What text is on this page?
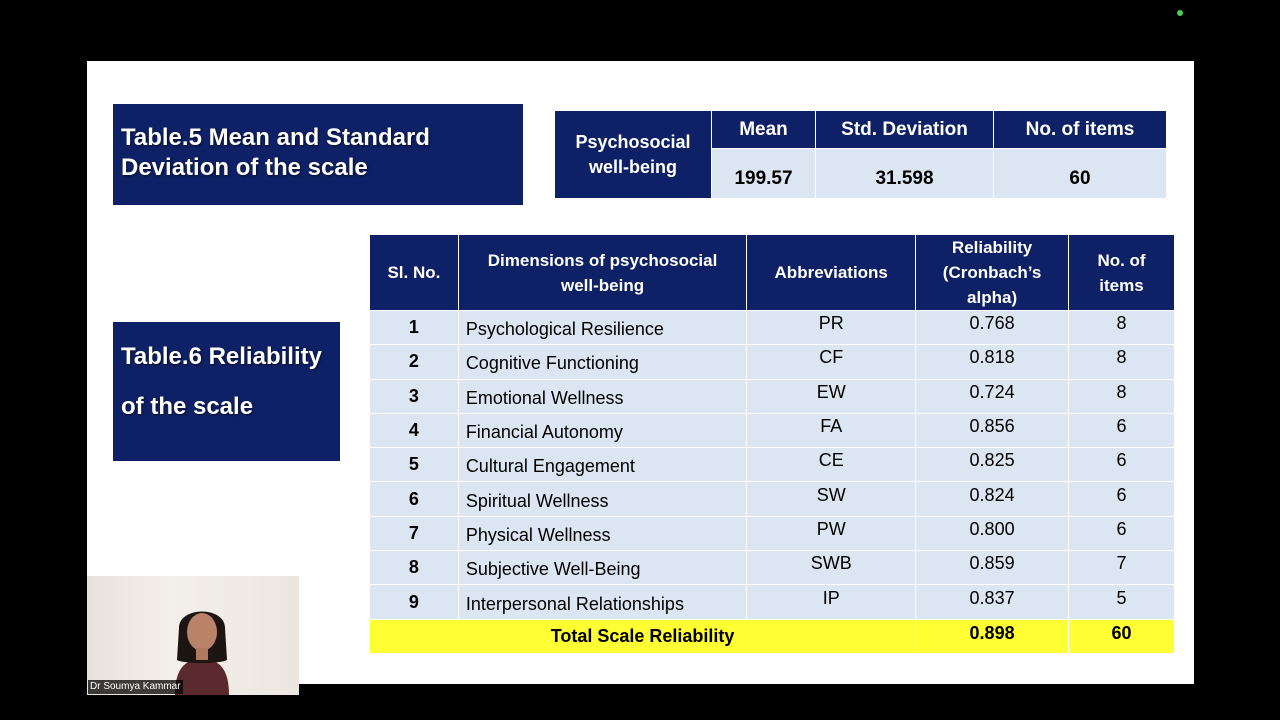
Table.5 Mean and Standard Deviation of the scale
Psychosocial well-being	Mean	Std. Deviation	No. of items
	199.57	31.598	60
Table.6 Reliability
of the scale
Sl. No.	Dimensions of psychosocial well-being	Abbreviations	Reliability (Cronbach’s alpha)	No. of items
1	Psychological Resilience	PR	0.768	8
2	Cognitive Functioning	CF	0.818	8
3	Emotional Wellness	EW	0.724	8
4	Financial Autonomy	FA	0.856	6
5	Cultural Engagement	CE	0.825	6
6	Spiritual Wellness	SW	0.824	6
7	Physical Wellness	PW	0.800	6
8	Subjective Well-Being	SWB	0.859	7
9	Interpersonal Relationships	IP	0.837	5
Total Scale Reliability			0.898	60
Dr Soumya Kammar
